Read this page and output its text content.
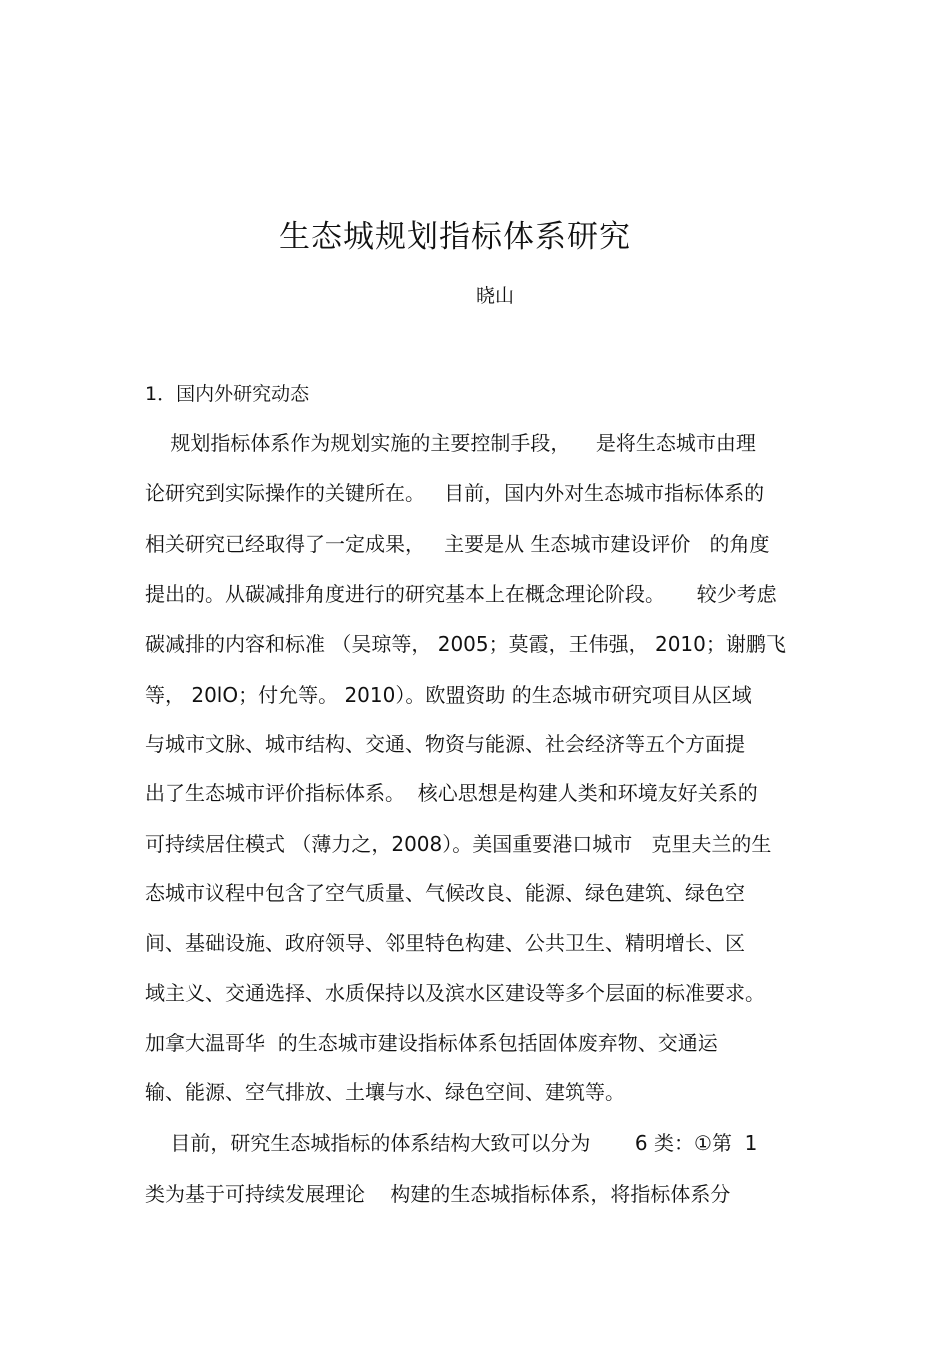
生态城规划指标体系研究

晓山

1．国内外研究动态

规划指标体系作为规划实施的主要控制手段，    是将生态城市由理

论研究到实际操作的关键所在。   目前，国内外对生态城市指标体系的

相关研究已经取得了一定成果，   主要是从 生态城市建设评价   的角度

提出的。从碳减排角度进行的研究基本上在概念理论阶段。     较少考虑

碳减排的内容和标准 （吴琼等， 2005；莫霞，王伟强， 2010；谢鹏飞

等， 20lO；付允等。 2010）。欧盟资助 的生态城市研究项目从区域

与城市文脉、城市结构、交通、物资与能源、社会经济等五个方面提

出了生态城市评价指标体系。  核心思想是构建人类和环境友好关系的

可持续居住模式 （薄力之，2008）。美国重要港口城市   克里夫兰的生

态城市议程中包含了空气质量、气候改良、能源、绿色建筑、绿色空

间、基础设施、政府领导、邻里特色构建、公共卫生、精明增长、区

域主义、交通选择、水质保持以及滨水区建设等多个层面的标准要求。

加拿大温哥华  的生态城市建设指标体系包括固体废弃物、交通运

输、能源、空气排放、土壤与水、绿色空间、建筑等。

目前，研究生态城指标的体系结构大致可以分为       6 类：①第  1

类为基于可持续发展理论    构建的生态城指标体系，将指标体系分
